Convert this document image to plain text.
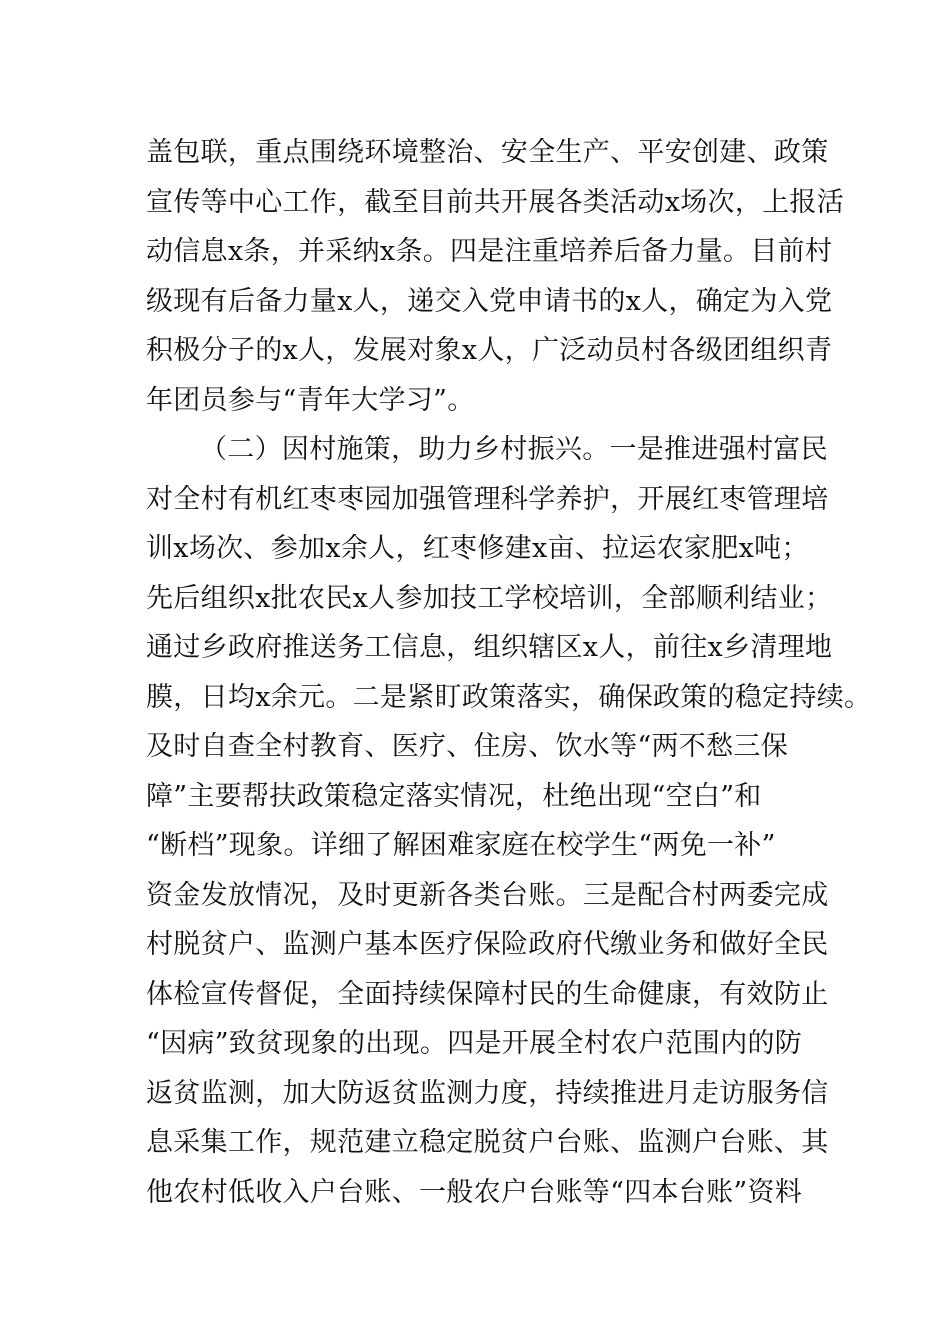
盖包联，重点围绕环境整治、安全生产、平安创建、政策
宣传等中心工作，截至目前共开展各类活动x场次，上报活
动信息x条，并采纳x条。四是注重培养后备力量。目前村
级现有后备力量x人，递交入党申请书的x人，确定为入党
积极分子的x人，发展对象x人，广泛动员村各级团组织青
年团员参与“青年大学习”。
（二）因村施策，助力乡村振兴。一是推进强村富民
对全村有机红枣枣园加强管理科学养护，开展红枣管理培
训x场次、参加x余人，红枣修建x亩、拉运农家肥x吨；
先后组织x批农民x人参加技工学校培训，全部顺利结业；
通过乡政府推送务工信息，组织辖区x人，前往x乡清理地
膜，日均x余元。二是紧盯政策落实，确保政策的稳定持续。
及时自查全村教育、医疗、住房、饮水等“两不愁三保
障”主要帮扶政策稳定落实情况，杜绝出现“空白”和
“断档”现象。详细了解困难家庭在校学生“两免一补”
资金发放情况，及时更新各类台账。三是配合村两委完成
村脱贫户、监测户基本医疗保险政府代缴业务和做好全民
体检宣传督促，全面持续保障村民的生命健康，有效防止
“因病”致贫现象的出现。四是开展全村农户范围内的防
返贫监测，加大防返贫监测力度，持续推进月走访服务信
息采集工作，规范建立稳定脱贫户台账、监测户台账、其
他农村低收入户台账、一般农户台账等“四本台账”资料
